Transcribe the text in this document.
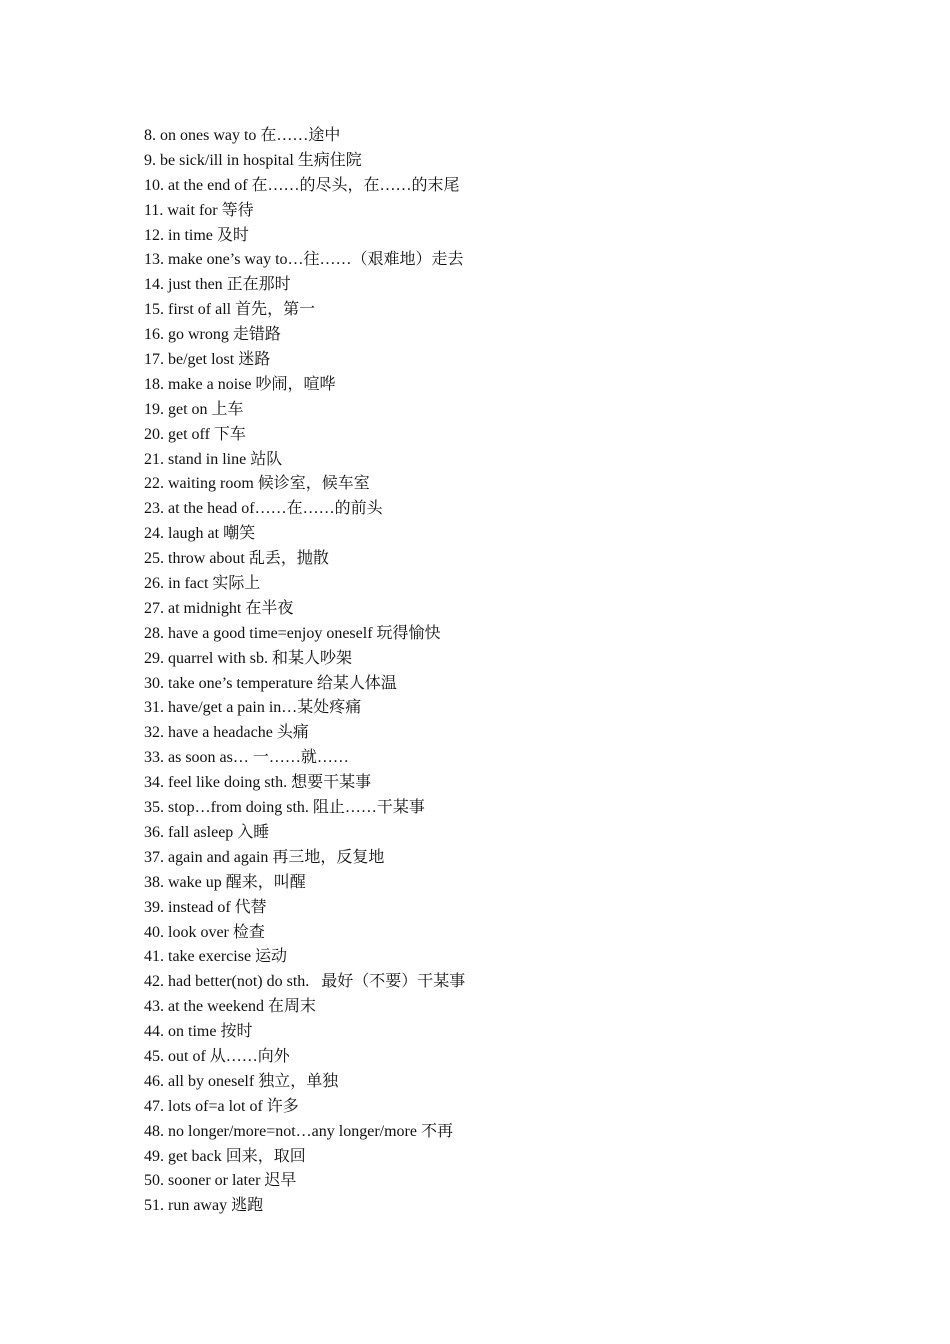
8. on ones way to 在……途中
9. be sick/ill in hospital 生病住院
10. at the end of 在……的尽头，在……的末尾
11. wait for 等待
12. in time 及时
13. make one’s way to…往……（艰难地）走去
14. just then 正在那时
15. first of all 首先，第一
16. go wrong 走错路
17. be/get lost 迷路
18. make a noise 吵闹，喧哗
19. get on 上车
20. get off 下车
21. stand in line 站队
22. waiting room 候诊室，候车室
23. at the head of……在……的前头
24. laugh at 嘲笑
25. throw about 乱丢，抛散
26. in fact 实际上
27. at midnight 在半夜
28. have a good time=enjoy oneself 玩得愉快
29. quarrel with sb. 和某人吵架
30. take one’s temperature 给某人体温
31. have/get a pain in…某处疼痛
32. have a headache 头痛
33. as soon as… 一……就……
34. feel like doing sth. 想要干某事
35. stop…from doing sth. 阻止……干某事
36. fall asleep 入睡
37. again and again 再三地，反复地
38. wake up 醒来，叫醒
39. instead of 代替
40. look over 检查
41. take exercise 运动
42. had better(not) do sth.   最好（不要）干某事
43. at the weekend 在周末
44. on time 按时
45. out of 从……向外
46. all by oneself 独立，单独
47. lots of=a lot of 许多
48. no longer/more=not…any longer/more 不再
49. get back 回来，取回
50. sooner or later 迟早
51. run away 逃跑
